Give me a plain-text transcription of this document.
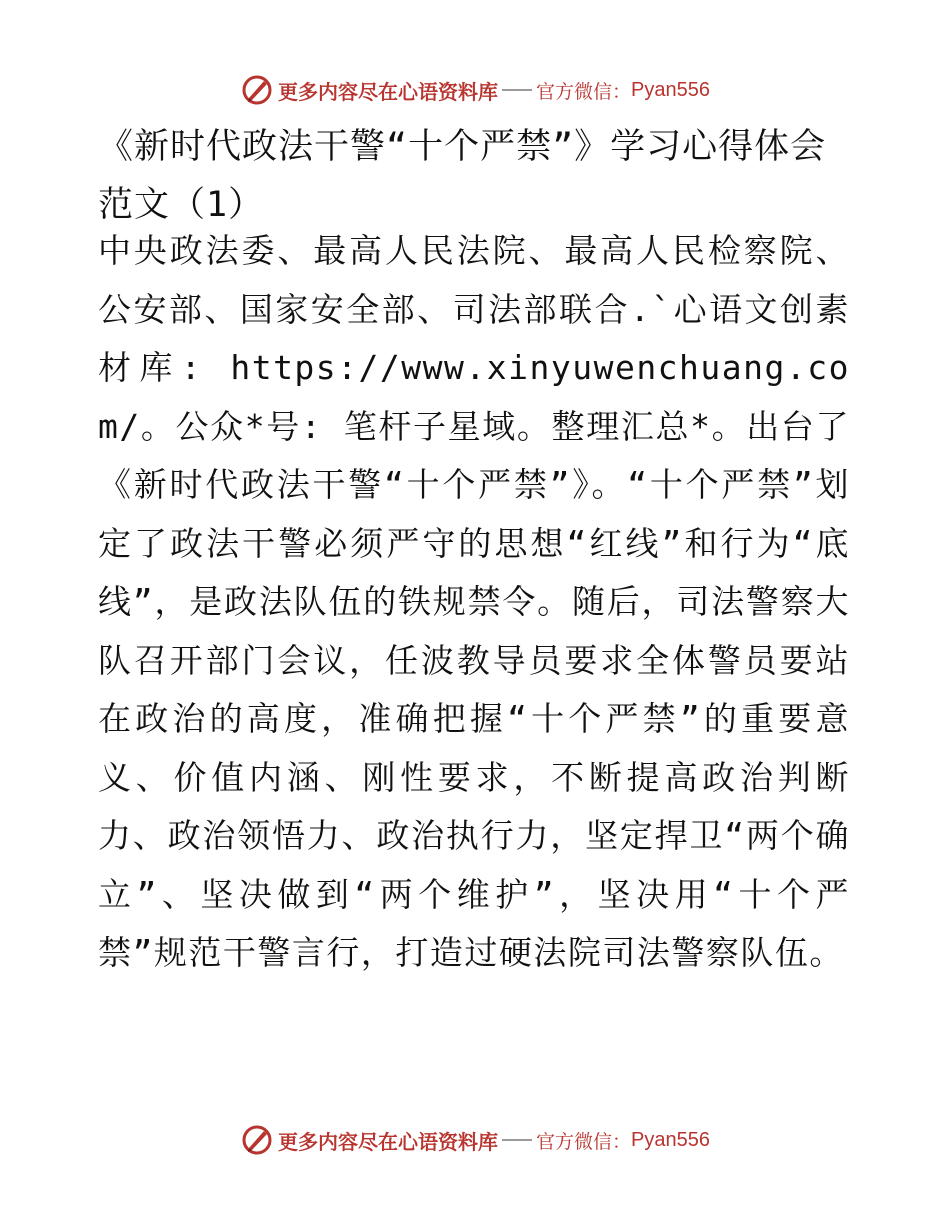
更多内容尽在心语资料库 官方微信： Pyan556
《新时代政法干警“十个严禁”》学习心得体会范文（1）

中央政法委、最高人民法院、最高人民检察院、公安部、国家安全部、司法部联合.`心语文创素材库: https://www.xinyuwenchuang.com/。公众*号: 笔杆子星域。整理汇总*。出台了《新时代政法干警“十个严禁”》。“十个严禁”划定了政法干警必须严守的思想“红线”和行为“底线”，是政法队伍的铁规禁令。随后，司法警察大队召开部门会议，任波教导员要求全体警员要站在政治的高度，准确把握“十个严禁”的重要意义、价值内涵、刚性要求，不断提高政治判断力、政治领悟力、政治执行力，坚定捍卫“两个确立”、坚决做到“两个维护”，坚决用“十个严禁”规范干警言行，打造过硬法院司法警察队伍。

更多内容尽在心语资料库 官方微信： Pyan556
